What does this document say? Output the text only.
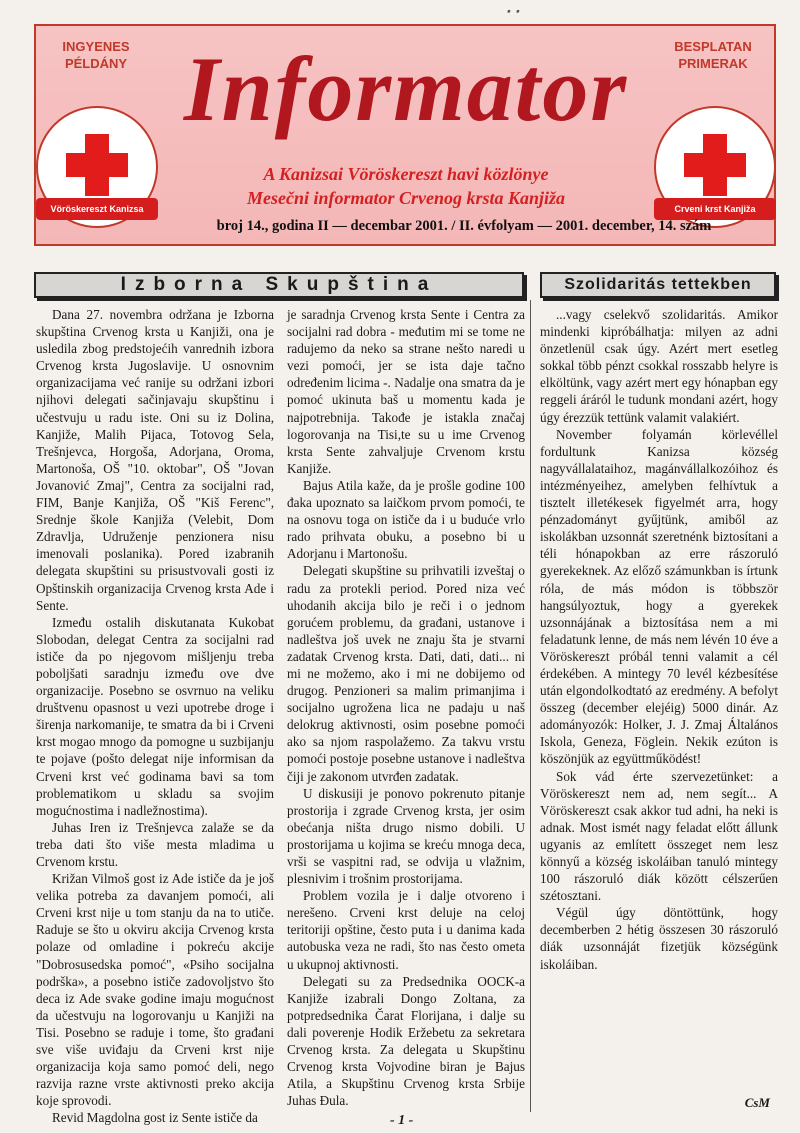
ꞏ ꞏ
INGYENES
PÉLDÁNY
BESPLATAN
PRIMERAK
Vöröskereszt Kanizsa	Crveni krst Kanjiža
Informator
A Kanizsai Vöröskereszt havi közlönye
Mesečni informator Crvenog krsta Kanjiža
broj 14., godina II — decembar 2001. / II. évfolyam — 2001. december, 14. szám
Izborna Skupština	Szolidaritás tettekben

Dana 27. novembra održana je Izborna skupština Crvenog krsta u Kanjiži, ona je usledila zbog predstojećih vanrednih izbora Crvenog krsta Jugoslavije. U osnovnim organizacijama već ranije su održani izbori njihovi delegati sačinjavaju skupštinu i učestvuju u radu iste. Oni su iz Dolina, Kanjiže, Malih Pijaca, Totovog Sela, Trešnjevca, Horgoša, Adorjana, Oroma, Martonoša, OŠ "10. oktobar", OŠ "Jovan Jovanović Zmaj", Centra za socijalni rad, FIM, Banje Kanjiža, OŠ "Kiš Ferenc", Srednje škole Kanjiža (Velebit, Dom Zdravlja, Udruženje penzionera nisu imenovali poslanika). Pored izabranih delegata skupštini su prisustvovali gosti iz Opštinskih organizacija Crvenog krsta Ade i Sente.

Između ostalih diskutanata Kukobat Slobodan, delegat Centra za socijalni rad ističe da po njegovom mišljenju treba poboljšati saradnju između ove dve organizacije. Posebno se osvrnuo na veliku društvenu opasnost u vezi upotrebe droge i širenja narkomanije, te smatra da bi i Crveni krst mogao mnogo da pomogne u suzbijanju te pojave (pošto delegat nije informisan da Crveni krst već godinama bavi sa tom problematikom u skladu sa svojim mogućnostima i nadležnostima).

Juhas Iren iz Trešnjevca zalaže se da treba dati što više mesta mladima u Crvenom krstu.

Križan Vilmoš gost iz Ade ističe da je još velika potreba za davanjem pomoći, ali Crveni krst nije u tom stanju da na to utiče. Raduje se što u okviru akcija Crvenog krsta polaze od omladine i pokreću akcije "Dobrosusedska pomoć", «Psiho socijalna podrška», a posebno ističe zadovoljstvo što deca iz Ade svake godine imaju mogućnost da učestvuju na logorovanju u Kanjiži na Tisi. Posebno se raduje i tome, što građani sve više uviđaju da Crveni krst nije organizacija koja samo pomoć deli, nego razvija razne vrste aktivnosti preko akcija koje sprovodi.

Revid Magdolna gost iz Sente ističe da

je saradnja Crvenog krsta Sente i Centra za socijalni rad dobra - međutim mi se tome ne radujemo da neko sa strane nešto naredi u vezi pomoći, jer se ista daje tačno određenim licima -. Nadalje ona smatra da je pomoć ukinuta baš u momentu kada je najpotrebnija. Takođe je istakla značaj logorovanja na Tisi,te su u ime Crvenog krsta Sente zahvaljuje Crvenom krstu Kanjiže.

Bajus Atila kaže, da je prošle godine 100 đaka upoznato sa laičkom prvom pomoći, te na osnovu toga on ističe da i u buduće vrlo rado prihvata obuku, a posebno bi u Adorjanu i Martonošu.

Delegati skupštine su prihvatili izveštaj o radu za protekli period. Pored niza već uhodanih akcija bilo je reči i o jednom gorućem problemu, da građani, ustanove i nadleštva još uvek ne znaju šta je stvarni zadatak Crvenog krsta. Dati, dati, dati... ni mi ne možemo, ako i mi ne dobijemo od drugog. Penzioneri sa malim primanjima i socijalno ugrožena lica ne padaju u naš delokrug aktivnosti, osim posebne pomoći ako sa njom raspolažemo. Za takvu vrstu pomoći postoje posebne ustanove i nadleštva čiji je zakonom utvrđen zadatak.

U diskusiji je ponovo pokrenuto pitanje prostorija i zgrade Crvenog krsta, jer osim obećanja ništa drugo nismo dobili. U prostorijama u kojima se kreću mnoga deca, vrši se vaspitni rad, se odvija u vlažnim, plesnivim i trošnim prostorijama.

Problem vozila je i dalje otvoreno i nerešeno. Crveni krst deluje na celoj teritoriji opštine, često puta i u danima kada autobuska veza ne radi, što nas često ometa u ukupnoj aktivnosti.

Delegati su za Predsednika OOCK-a Kanjiže izabrali Dongo Zoltana, za potpredsednika Čarat Florijana, i dalje su dali poverenje Hodik Eržebetu za sekretara Crvenog krsta. Za delegata u Skupštinu Crvenog krsta Vojvodine biran je Bajus Atila, a Skupštinu Crvenog krsta Srbije Juhas Đula.

...vagy cselekvő szolidaritás. Amikor mindenki kipróbálhatja: milyen az adni önzetlenül csak úgy. Azért mert esetleg sokkal több pénzt csokkal rosszabb helyre is elköltünk, vagy azért mert egy hónapban egy reggeli áráról le tudunk mondani azért, hogy úgy érezzük tettünk valamit valakiért.

November folyamán körlevéllel fordultunk Kanizsa község nagyvállalataihoz, magánvállalkozóihoz és intézményeihez, amelyben felhívtuk a tisztelt illetékesek figyelmét arra, hogy pénzadományt gyűjtünk, amiből az iskolákban uzsonnát szeretnénk biztosítani a téli hónapokban az erre rászoruló gyerekeknek. Az előző számunkban is írtunk róla, de más módon is többször hangsúlyoztuk, hogy a gyerekek uzsonnájának a biztosítása nem a mi feladatunk lenne, de más nem lévén 10 éve a Vöröskereszt próbál tenni valamit a cél érdekében. A mintegy 70 levél kézbesítése után elgondolkodtató az eredmény. A befolyt összeg (december elejéig) 5000 dinár. Az adományozók: Holker, J. J. Zmaj Általános Iskola, Geneza, Föglein. Nekik ezúton is köszönjük az együttműködést!

Sok vád érte szervezetünket: a Vöröskereszt nem ad, nem segít... A Vöröskereszt csak akkor tud adni, ha neki is adnak. Most ismét nagy feladat előtt állunk ugyanis az említett összeget nem lesz könnyű a község iskoláiban tanuló mintegy 100 rászoruló diák között célszerűen szétosztani.

Végül úgy döntöttünk, hogy decemberben 2 hétig összesen 30 rászoruló diák uzsonnáját fizetjük községünk iskoláiban.

CsM
- 1 -
